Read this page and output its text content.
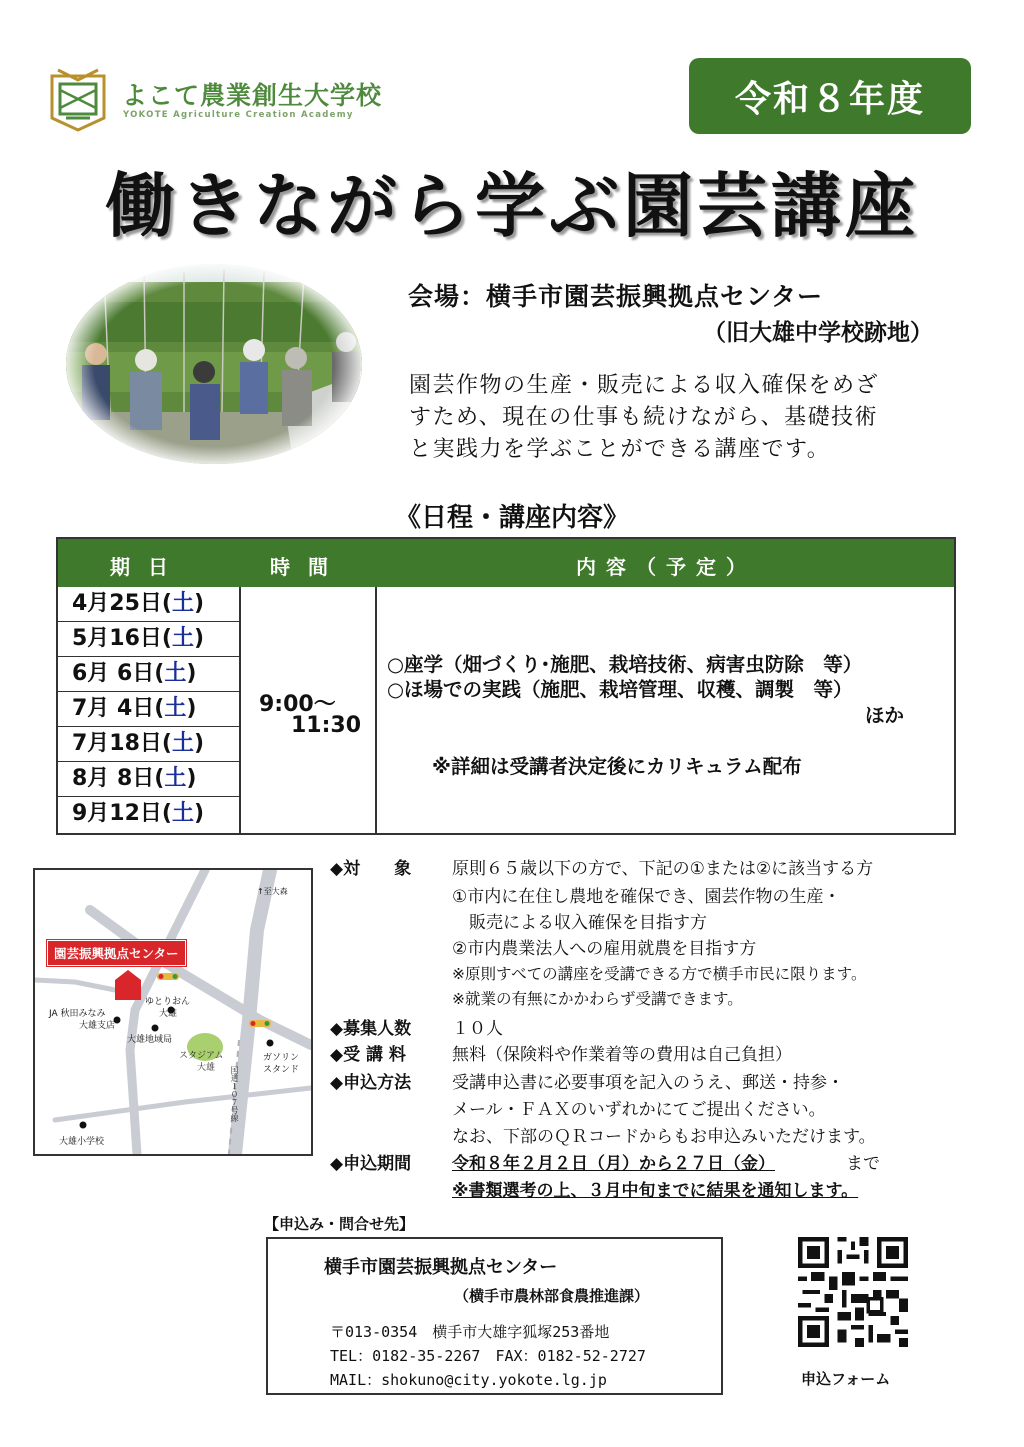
よこて農業創生大学校
YOKOTE Agriculture Creation Academy	令和８年度
働きながら学ぶ園芸講座
会場：横手市園芸振興拠点センター
（旧大雄中学校跡地）
園芸作物の生産・販売による収入確保をめざ
すため、現在の仕事も続けながら、基礎技術
と実践力を学ぶことができる講座です。
《日程・講座内容》
期日	時間	内容（予定）
4月25日(土)
5月16日(土)
6月 6日(土)
7月 4日(土)
7月18日(土)
8月 8日(土)
9月12日(土)
9:00～
11:30
○座学（畑づくり･施肥、栽培技術、病害虫防除　等）
○ほ場での実践（施肥、栽培管理、収穫、調製　等）
ほか
※詳細は受講者決定後にカリキュラム配布
園芸振興拠点センター
↑至大森
JA 秋田みなみ
大雄支店
ゆとりおん
大雄
大雄地域局
スタジアム
大雄
ガソリン
スタンド
大雄小学校
国道１０７号線
◆対　　象 原則６５歳以下の方で、下記の①または②に該当する方
①市内に在住し農地を確保でき、園芸作物の生産・
　販売による収入確保を目指す方
②市内農業法人への雇用就農を目指す方
※原則すべての講座を受講できる方で横手市民に限ります。
※就業の有無にかかわらず受講できます。
◆募集人数 １０人
◆受 講 料	無料（保険料や作業着等の費用は自己負担）
◆申込方法 受講申込書に必要事項を記入のうえ、郵送・持参・
メール・ＦＡＸのいずれかにてご提出ください。
なお、下部のＱＲコードからもお申込みいただけます。
◆申込期間 令和８年２月２日（月）から２７日（金）	まで
※書類選考の上、３月中旬までに結果を通知します。
【申込み・問合せ先】
横手市園芸振興拠点センター
（横手市農林部食農推進課）
〒013-0354　横手市大雄字狐塚253番地
TEL：0182-35-2267　FAX：0182-52-2727
MAIL：shokuno@city.yokote.lg.jp	申込フォーム
